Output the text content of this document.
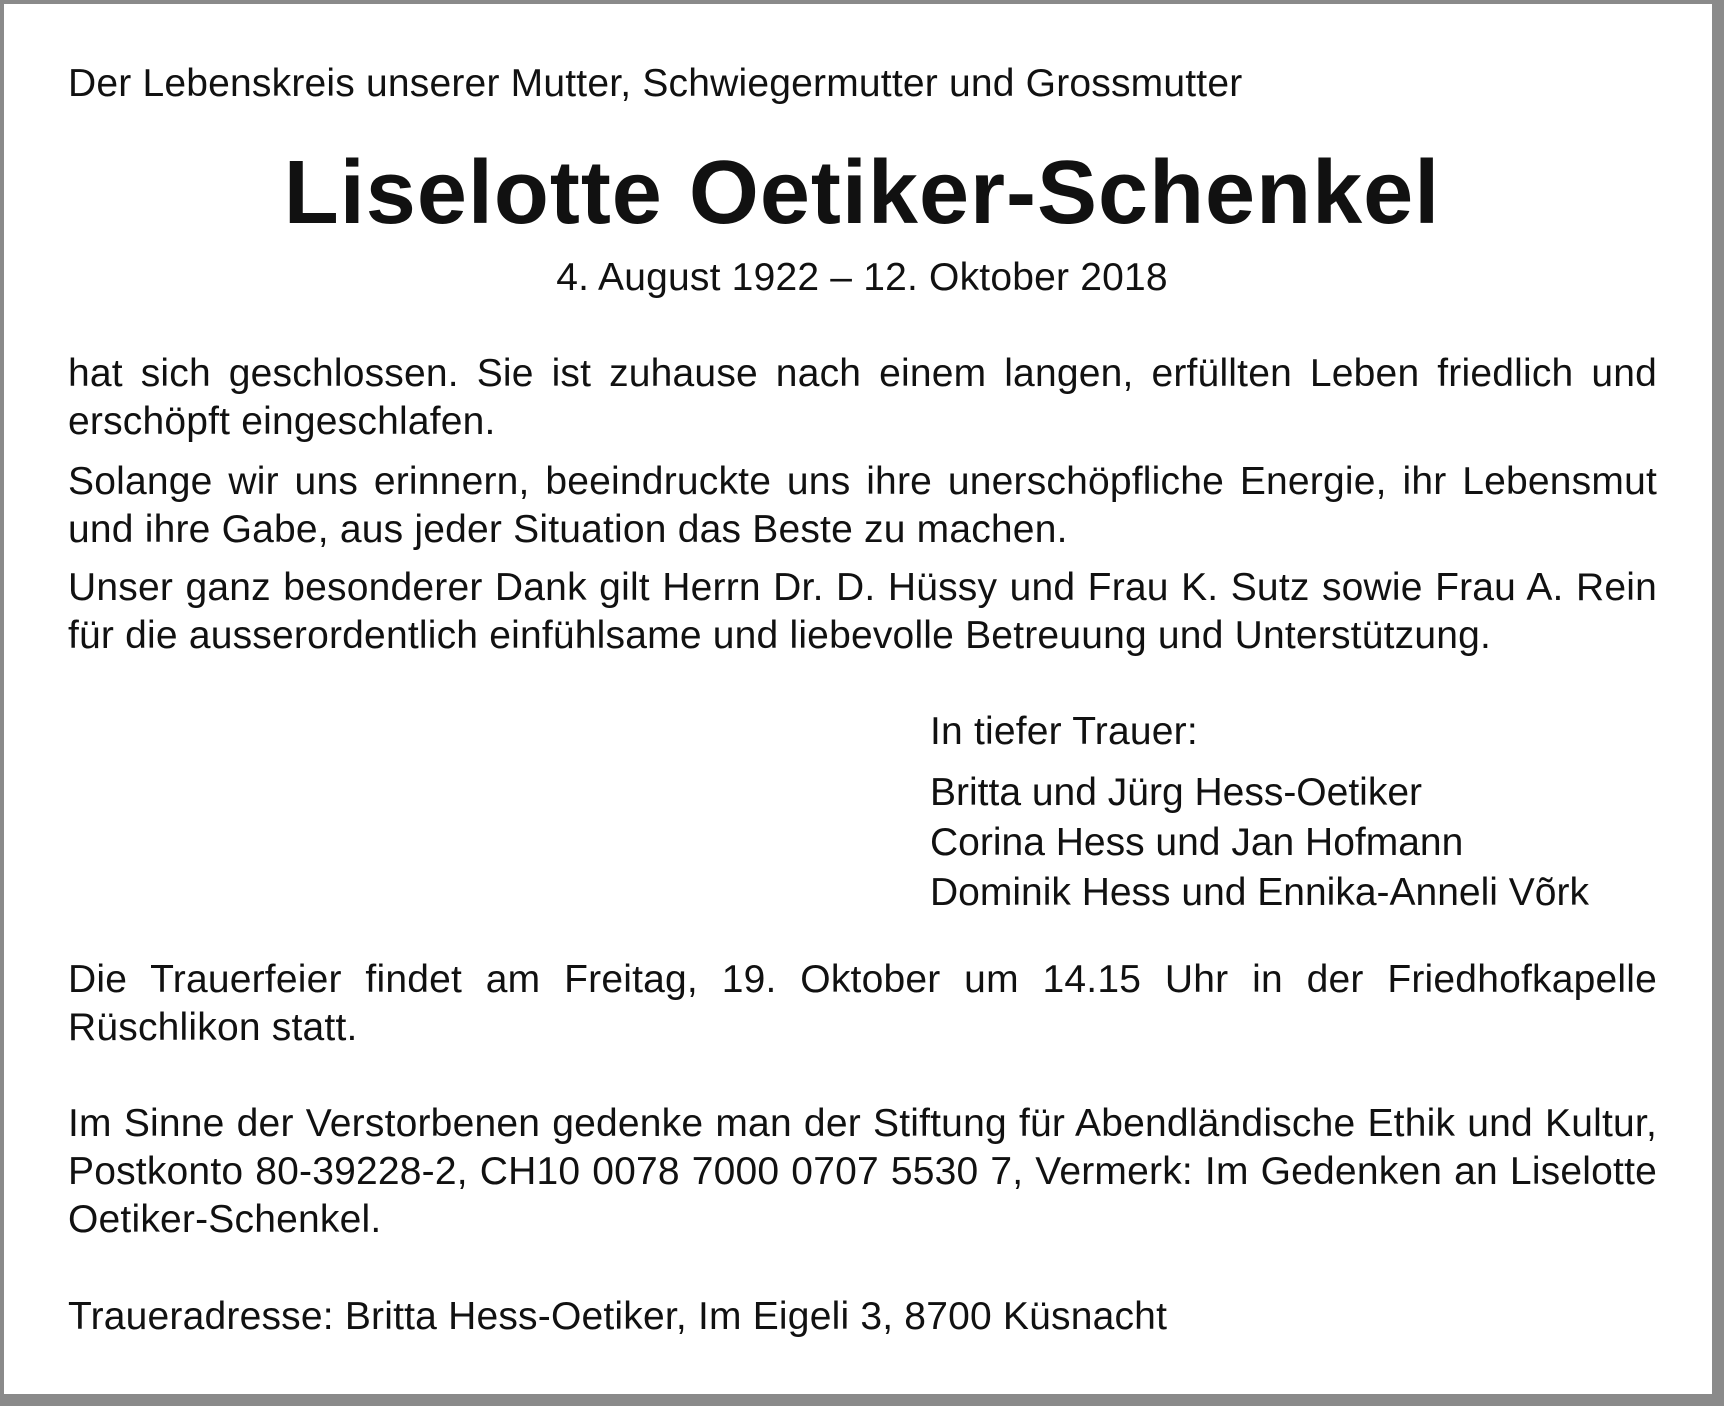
Der Lebenskreis unserer Mutter, Schwiegermutter und Grossmutter

Liselotte Oetiker-Schenkel

4. August 1922 – 12. Oktober 2018

hat sich geschlossen. Sie ist zuhause nach einem langen, erfüllten Leben friedlich und erschöpft eingeschlafen.

Solange wir uns erinnern, beeindruckte uns ihre unerschöpfliche Energie, ihr Lebensmut und ihre Gabe, aus jeder Situation das Beste zu machen.

Unser ganz besonderer Dank gilt Herrn Dr. D. Hüssy und Frau K. Sutz sowie Frau A. Rein für die ausserordentlich einfühlsame und liebevolle Betreuung und Unterstützung.

In tiefer Trauer:

Britta und Jürg Hess-Oetiker
Corina Hess und Jan Hofmann
Dominik Hess und Ennika-Anneli Võrk

Die Trauerfeier findet am Freitag, 19. Oktober um 14.15 Uhr in der Friedhofkapelle Rüschlikon statt.

Im Sinne der Verstorbenen gedenke man der Stiftung für Abendländische Ethik und Kultur, Postkonto 80-39228-2, CH10 0078 7000 0707 5530 7, Vermerk: Im Gedenken an Liselotte Oetiker-Schenkel.

Traueradresse: Britta Hess-Oetiker, Im Eigeli 3, 8700 Küsnacht
